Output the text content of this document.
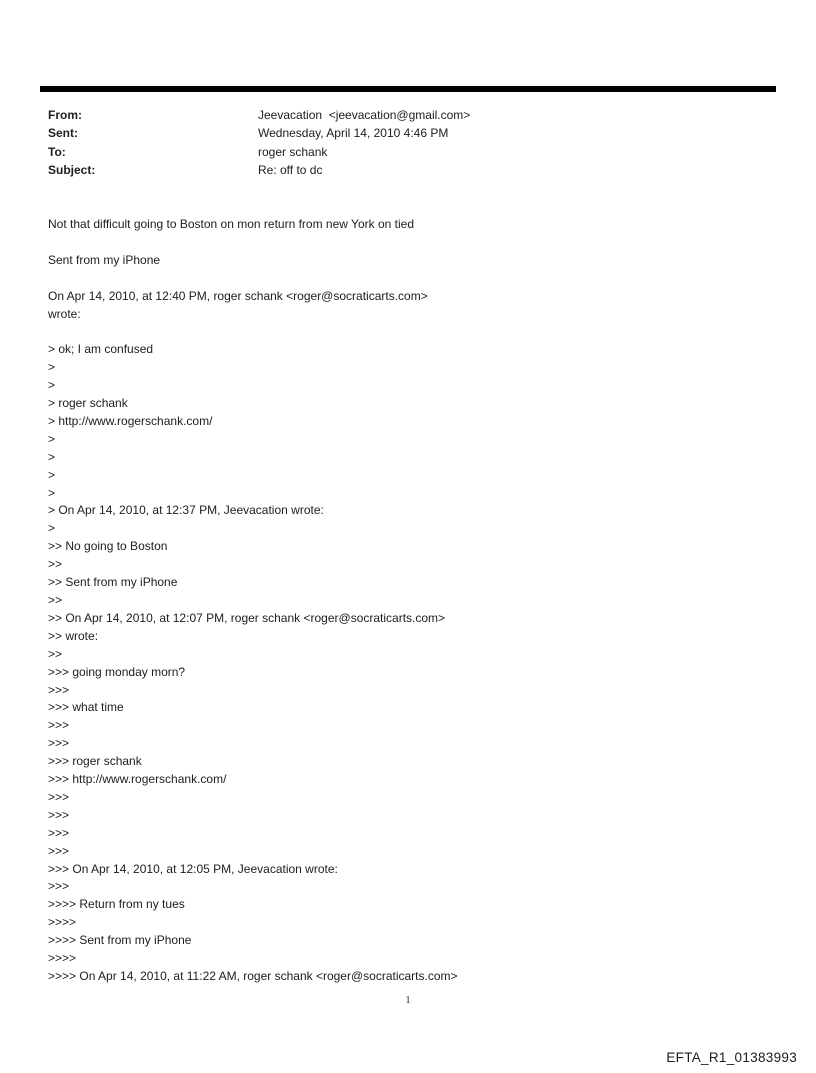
From:	Jeevacation  <jeevacation@gmail.com>
Sent:	Wednesday, April 14, 2010 4:46 PM
To:	roger schank
Subject:	Re: off to dc
Not that difficult going to Boston on mon return from new York on tied
Sent from my iPhone
On Apr 14, 2010, at 12:40 PM, roger schank <roger@socraticarts.com>
wrote:
> ok; I am confused
>
>
> roger schank
> http://www.rogerschank.com/
>
>
>
>
> On Apr 14, 2010, at 12:37 PM, Jeevacation wrote:
>
>> No going to Boston
>>
>> Sent from my iPhone
>>
>> On Apr 14, 2010, at 12:07 PM, roger schank <roger@socraticarts.com>
>> wrote:
>>
>>> going monday morn?
>>>
>>> what time
>>>
>>>
>>> roger schank
>>> http://www.rogerschank.com/
>>>
>>>
>>>
>>>
>>> On Apr 14, 2010, at 12:05 PM, Jeevacation wrote:
>>>
>>>> Return from ny tues
>>>>
>>>> Sent from my iPhone
>>>>
>>>> On Apr 14, 2010, at 11:22 AM, roger schank <roger@socraticarts.com>
1
EFTA_R1_01383993
